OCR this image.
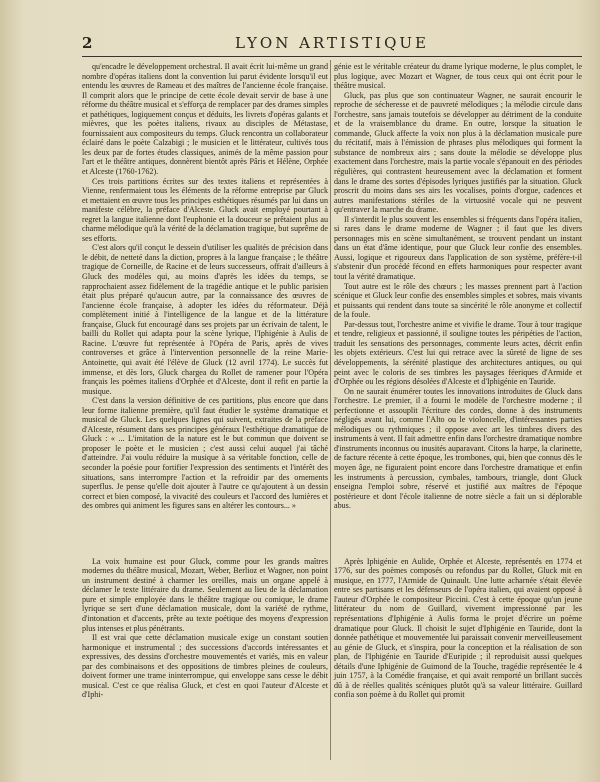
2	LYON ARTISTIQUE

qu'encadre le développement orchestral. Il avait écrit lui-même un grand nombre d'opéras italiens dont la convention lui parut évidente lorsqu'il eut entendu les œuvres de Rameau et des maîtres de l'ancienne école française. Il comprit alors que le principe de cette école devait servir de base à une réforme du théâtre musical et s'efforça de remplacer par des drames simples et pathétiques, logiquement conçus et déduits, les livrets d'opéras galants et mièvres, que les poètes italiens, rivaux au disciples de Métastase, fournissaient aux compositeurs du temps. Gluck rencontra un collaborateur éclairé dans le poète Calzabigi ; le musicien et le littérateur, cultivés tous les deux par de fortes études classiques, animés de la même passion pour l'art et le théâtre antiques, donnèrent bientôt après Pâris et Hélène, Orphée et Alceste (1760-1762).

Ces trois partitions écrites sur des textes italiens et représentées à Vienne, renfermaient tous les éléments de la réforme entreprise par Gluck et mettaient en œuvre tous les principes esthétiques résumés par lui dans un manifeste célèbre, la préface d'Alceste. Gluck avait employé pourtant à regret la langue italienne dont l'euphonie et la douceur se prêtaient plus au charme mélodique qu'à la vérité de la déclamation tragique, but suprême de ses efforts.

C'est alors qu'il conçut le dessein d'utiliser les qualités de précision dans le débit, de netteté dans la diction, propres à la langue française ; le théâtre tragique de Corneille, de Racine et de leurs successeurs, offrait d'ailleurs à Gluck des modèles qui, au moins d'après les idées du temps, se rapprochaient assez fidèlement de la tragédie antique et le public parisien était plus préparé qu'aucun autre, par la connaissance des œuvres de l'ancienne école française, à adopter les idées du réformateur. Déjà complètement initié à l'intelligence de la langue et de la littérature française, Gluck fut encouragé dans ses projets par un écrivain de talent, le bailli du Rollet qui adapta pour la scène lyrique, l'Iphigénie à Aulis de Racine. L'œuvre fut représentée à l'Opéra de Paris, après de vives controverses et grâce à l'intervention personnelle de la reine Marie-Antoinette, qui avait été l'élève de Gluck (12 avril 1774). Le succès fut immense, et dès lors, Gluck chargea du Rollet de ramener pour l'Opéra français les poèmes italiens d'Orphée et d'Alceste, dont il refit en partie la musique.

C'est dans la version définitive de ces partitions, plus encore que dans leur forme italienne première, qu'il faut étudier le système dramatique et musical de Gluck. Les quelques lignes qui suivent, extraites de la préface d'Alceste, résument dans ses principes généraux l'esthétique dramatique de Gluck : « ... L'imitation de la nature est le but commun que doivent se proposer le poète et le musicien ; c'est aussi celui auquel j'ai tâché d'atteindre. J'ai voulu réduire la musique à sa véritable fonction, celle de seconder la poésie pour fortifier l'expression des sentiments et l'intérêt des situations, sans interrompre l'action et la refroidir par des ornements superflus. Je pense qu'elle doit ajouter à l'autre ce qu'ajoutent à un dessin correct et bien composé, la vivacité des couleurs et l'accord des lumières et des ombres qui animent les figures sans en altérer les contours... »

La voix humaine est pour Gluck, comme pour les grands maîtres modernes du théâtre musical, Mozart, Weber, Berlioz et Wagner, non point un instrument destiné à charmer les oreilles, mais un organe appelé à déclamer le texte littéraire du drame. Seulement au lieu de la déclamation pure et simple employée dans le théâtre tragique ou comique, le drame lyrique se sert d'une déclamation musicale, dont la variété de rythme, d'intonation et d'accents, prête au texte poétique des moyens d'expression plus intenses et plus pénétrants.

Il est vrai que cette déclamation musicale exige un constant soutien harmonique et instrumental ; des successions d'accords intéressantes et expressives, des dessins d'orchestre mouvementés et variés, mis en valeur par des combinaisons et des oppositions de timbres pleines de couleurs, doivent former une trame ininterrompue, qui enveloppe sans cesse le débit musical. C'est ce que réalisa Gluck, et c'est en quoi l'auteur d'Alceste et d'Iphi-

génie est le véritable créateur du drame lyrique moderne, le plus complet, le plus logique, avec Mozart et Wagner, de tous ceux qui ont écrit pour le théâtre musical.

Gluck, pas plus que son continuateur Wagner, ne saurait encourir le reproche de sécheresse et de pauvreté mélodiques ; la mélodie circule dans l'orchestre, sans jamais toutefois se développer au détriment de la conduite et de la vraisemblance du drame. En outre, lorsque la situation le commande, Gluck affecte la voix non plus à la déclamation musicale pure du récitatif, mais à l'émission de phrases plus mélodiques qui forment la substance de nombreux airs ; sans doute la mélodie se développe plus exactement dans l'orchestre, mais la partie vocale s'épanouit en des périodes régulières, qui contrastent heureusement avec la déclamation et forment dans le drame des sortes d'épisodes lyriques justifiés par la situation. Gluck proscrit du moins dans ses airs les vocalises, points d'orgue, cadences et autres manifestations stériles de la virtuosité vocale qui ne peuvent qu'entraver la marche du drame.

Il s'interdit le plus souvent les ensembles si fréquents dans l'opéra italien, si rares dans le drame moderne de Wagner ; il faut que les divers personnages mis en scène simultanément, se trouvent pendant un instant dans un état d'âme identique, pour que Gluck leur confie des ensembles. Aussi, logique et rigoureux dans l'application de son système, préfère-t-il s'abstenir d'un procédé fécond en effets harmoniques pour respecter avant tout la vérité dramatique.

Tout autre est le rôle des chœurs ; les masses prennent part à l'action scénique et Gluck leur confie des ensembles simples et sobres, mais vivants et puissants qui rendent dans toute sa sincérité le rôle anonyme et collectif de la foule.

Par-dessus tout, l'orchestre anime et vivifie le drame. Tour à tour tragique et tendre, religieux et passionné, il souligne toutes les péripéties de l'action, traduit les sensations des personnages, commente leurs actes, décrit enfin les objets extérieurs. C'est lui qui retrace avec la sûreté de ligne de ses développements, la sérénité plastique des architectures antiques, ou qui peint avec le coloris de ses timbres les paysages féeriques d'Armide et d'Orphée ou les régions désolées d'Alceste et d'Iphigénie en Tauride.

On ne saurait énumérer toutes les innovations introduites de Gluck dans l'orchestre. Le premier, il a fourni le modèle de l'orchestre moderne ; il perfectionne et assouplit l'écriture des cordes, donne à des instruments négligés avant lui, comme l'Alto ou le violoncelle, d'intéressantes parties mélodiques ou rythmiques ; il oppose avec art les timbres divers des instruments à vent. Il fait admettre enfin dans l'orchestre dramatique nombre d'instruments inconnus ou inusités auparavant. Citons la harpe, la clarinette, de facture récente à cette époque, les trombones, qui, bien que connus dès le moyen âge, ne figuraient point encore dans l'orchestre dramatique et enfin les instruments à percussion, cymbales, tambours, triangle, dont Gluck enseigna l'emploi sobre, réservé et justifié aux maîtres de l'époque postérieure et dont l'école italienne de notre siècle a fait un si déplorable abus.

Après Iphigénie en Aulide, Orphée et Alceste, représentés en 1774 et 1776, sur des poèmes composés ou refondus par du Rollet, Gluck mit en musique, en 1777, l'Armide de Quinault. Une lutte acharnée s'était élevée entre ses partisans et les défenseurs de l'opéra italien, qui avaient opposé à l'auteur d'Orphée le compositeur Piccini. C'est à cette époque qu'un jeune littérateur du nom de Guillard, vivement impressionné par les représentations d'Iphigénie à Aulis forma le projet d'écrire un poème dramatique pour Gluck. Il choisit le sujet d'Iphigénie en Tauride, dont la donnée pathétique et mouvementée lui paraissait convenir merveilleusement au génie de Gluck, et s'inspira, pour la conception et la réalisation de son plan, de l'Iphigénie en Tauride d'Euripide ; il reproduisit aussi quelques détails d'une Iphigénie de Guimond de la Touche, tragédie représentée le 4 juin 1757, à la Comédie française, et qui avait remporté un brillant succès dû à de réelles qualités scéniques plutôt qu'à sa valeur littéraire. Guillard confia son poème à du Rollet qui promit
